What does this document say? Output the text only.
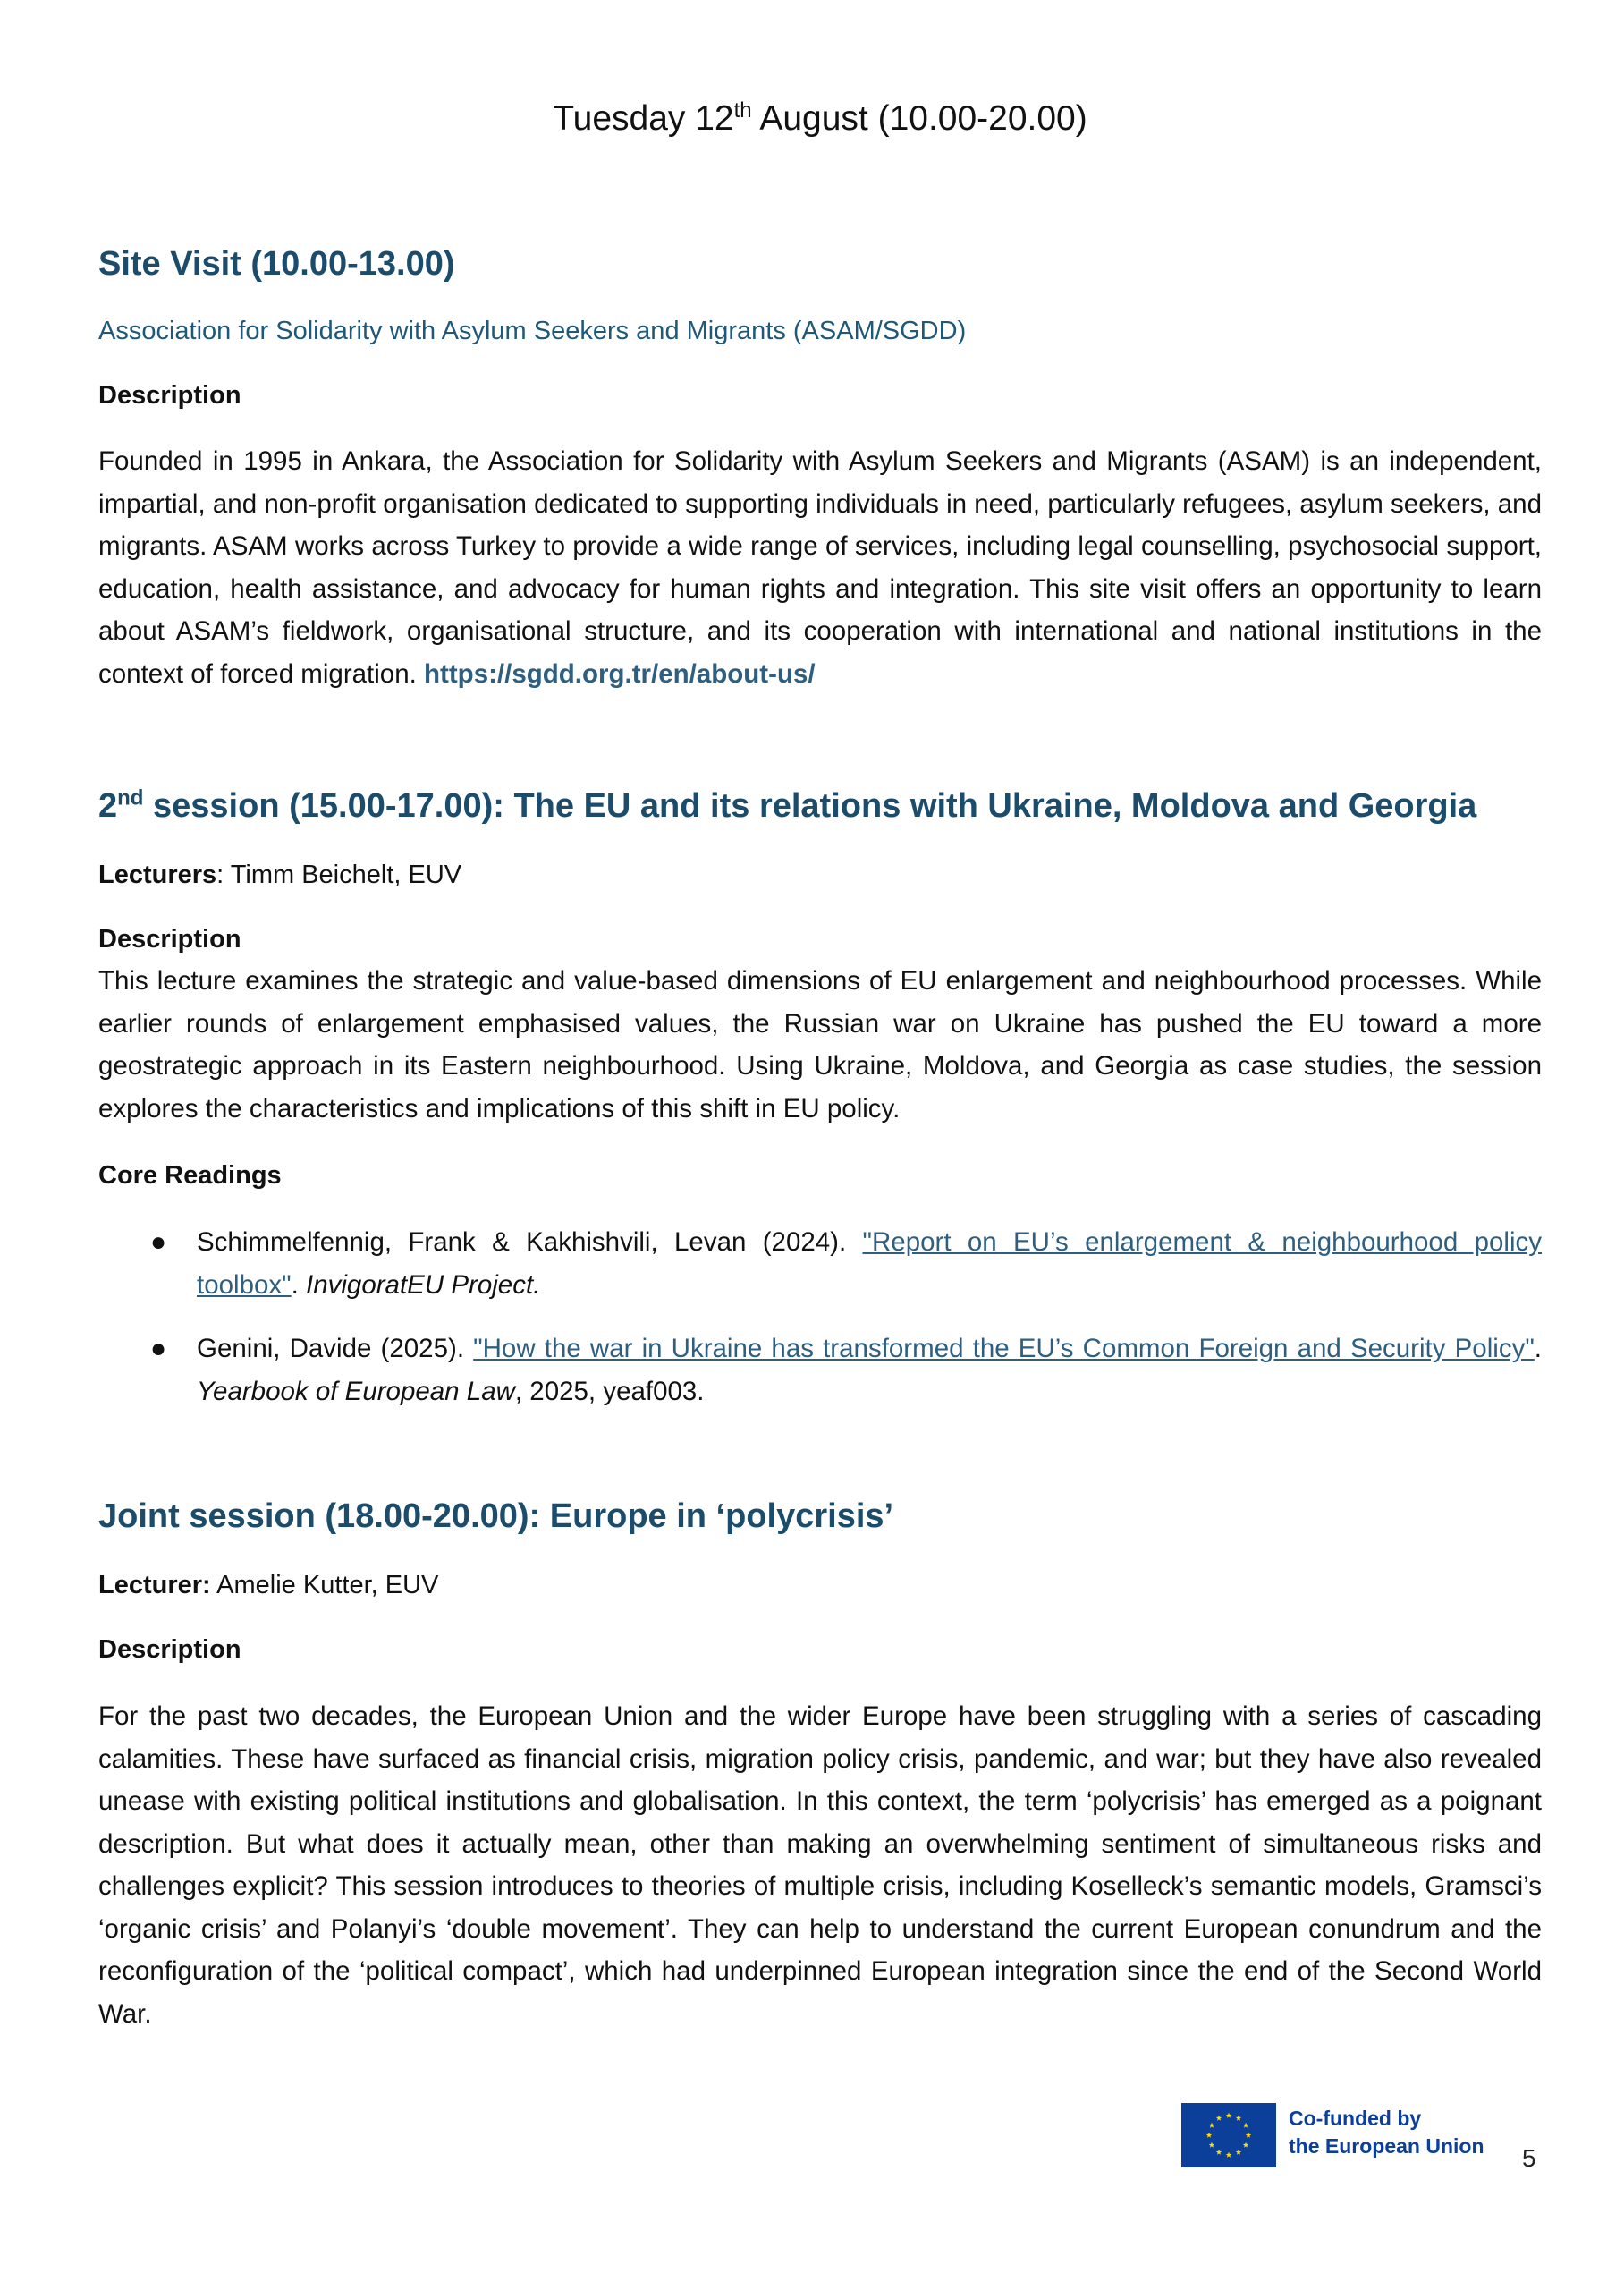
Tuesday 12th August (10.00-20.00)
Site Visit (10.00-13.00)
Association for Solidarity with Asylum Seekers and Migrants (ASAM/SGDD)
Description
Founded in 1995 in Ankara, the Association for Solidarity with Asylum Seekers and Migrants (ASAM) is an independent, impartial, and non-profit organisation dedicated to supporting individuals in need, particularly refugees, asylum seekers, and migrants. ASAM works across Turkey to provide a wide range of services, including legal counselling, psychosocial support, education, health assistance, and advocacy for human rights and integration. This site visit offers an opportunity to learn about ASAM’s fieldwork, organisational structure, and its cooperation with international and national institutions in the context of forced migration. https://sgdd.org.tr/en/about-us/
2nd session (15.00-17.00): The EU and its relations with Ukraine, Moldova and Georgia
Lecturers: Timm Beichelt, EUV
Description
This lecture examines the strategic and value-based dimensions of EU enlargement and neighbourhood processes. While earlier rounds of enlargement emphasised values, the Russian war on Ukraine has pushed the EU toward a more geostrategic approach in its Eastern neighbourhood. Using Ukraine, Moldova, and Georgia as case studies, the session explores the characteristics and implications of this shift in EU policy.
Core Readings
● Schimmelfennig, Frank & Kakhishvili, Levan (2024). "Report on EU’s enlargement & neighbourhood policy toolbox". InvigoratEU Project.
● Genini, Davide (2025). "How the war in Ukraine has transformed the EU’s Common Foreign and Security Policy". Yearbook of European Law, 2025, yeaf003.
Joint session (18.00-20.00): Europe in ‘polycrisis’
Lecturer: Amelie Kutter, EUV
Description
For the past two decades, the European Union and the wider Europe have been struggling with a series of cascading calamities. These have surfaced as financial crisis, migration policy crisis, pandemic, and war; but they have also revealed unease with existing political institutions and globalisation. In this context, the term ‘polycrisis’ has emerged as a poignant description. But what does it actually mean, other than making an overwhelming sentiment of simultaneous risks and challenges explicit? This session introduces to theories of multiple crisis, including Koselleck’s semantic models, Gramsci’s ‘organic crisis’ and Polanyi’s ‘double movement’. They can help to understand the current European conundrum and the reconfiguration of the ‘political compact’, which had underpinned European integration since the end of the Second World War.
Co-funded by
the European Union 5
